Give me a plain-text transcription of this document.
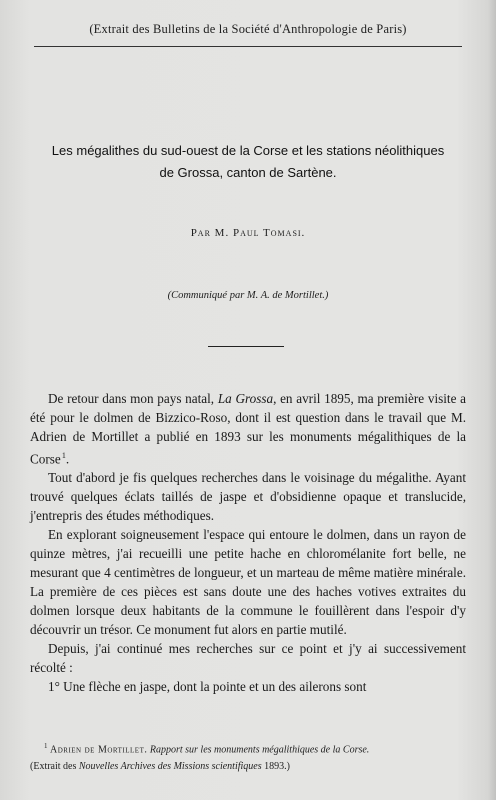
(Extrait des Bulletins de la Société d'Anthropologie de Paris)
Les mégalithes du sud-ouest de la Corse et les stations néolithiques
de Grossa, canton de Sartène.
Par M. Paul Tomasi.
(Communiqué par M. A. de Mortillet.)

De retour dans mon pays natal, La Grossa, en avril 1895, ma première visite a été pour le dolmen de Bizzico-Roso, dont il est question dans le travail que M. Adrien de Mortillet a publié en 1893 sur les monuments mégalithiques de la Corse $^1$.

Tout d'abord je fis quelques recherches dans le voisinage du mégalithe. Ayant trouvé quelques éclats taillés de jaspe et d'obsidienne opaque et translucide, j'entrepris des études méthodiques.

En explorant soigneusement l'espace qui entoure le dolmen, dans un rayon de quinze mètres, j'ai recueilli une petite hache en chloromélanite fort belle, ne mesurant que 4 centimètres de longueur, et un marteau de même matière minérale. La première de ces pièces est sans doute une des haches votives extraites du dolmen lorsque deux habitants de la commune le fouillèrent dans l'espoir d'y découvrir un trésor. Ce monument fut alors en partie mutilé.

Depuis, j'ai continué mes recherches sur ce point et j'y ai successivement récolté :

1° Une flèche en jaspe, dont la pointe et un des ailerons sont

$^1$ Adrien de Mortillet. Rapport sur les monuments mégalithiques de la Corse.

(Extrait des Nouvelles Archives des Missions scientifiques 1893.)
